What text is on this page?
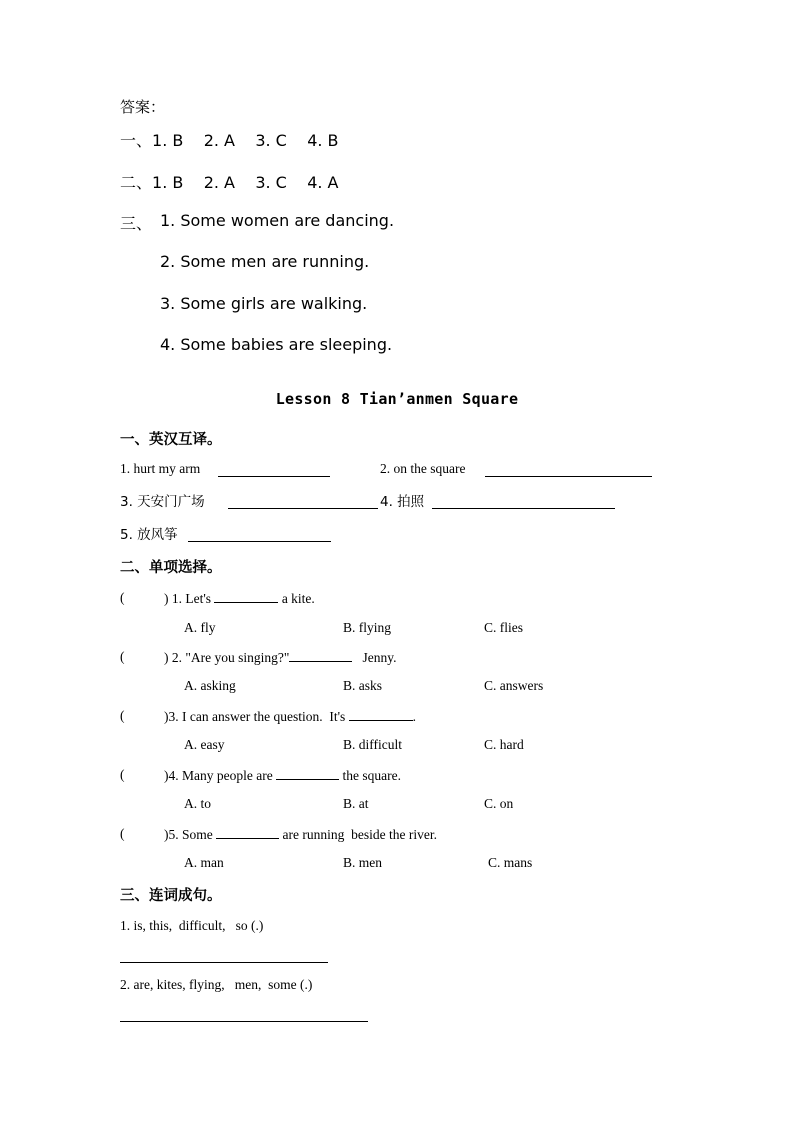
答案：
一、1. B    2. A    3. C    4. B
二、1. B    2. A    3. C    4. A
三、 1. Some women are dancing.
2. Some men are running.
3. Some girls are walking.
4. Some babies are sleeping.
Lesson 8 Tian’anmen Square
一、英汉互译。
1. hurt my arm	2. on the square
3. 天安门广场	4. 拍照
5. 放风筝
二、单项选择。
(	) 1. Let's	a kite.
A. fly	B. flying	C. flies
(	) 2. "Are you singing?"	Jenny.
A. asking	B. asks	C. answers
(	)3. I can answer the question.  It's	.
A. easy	B. difficult	C. hard
(	)4. Many people are	the square.
A. to	B. at	C. on
(	)5. Some	are running  beside the river.
A. man	B. men	C. mans
三、连词成句。
1. is, this,  difficult,   so (.)
2. are, kites, flying,   men,  some (.)
